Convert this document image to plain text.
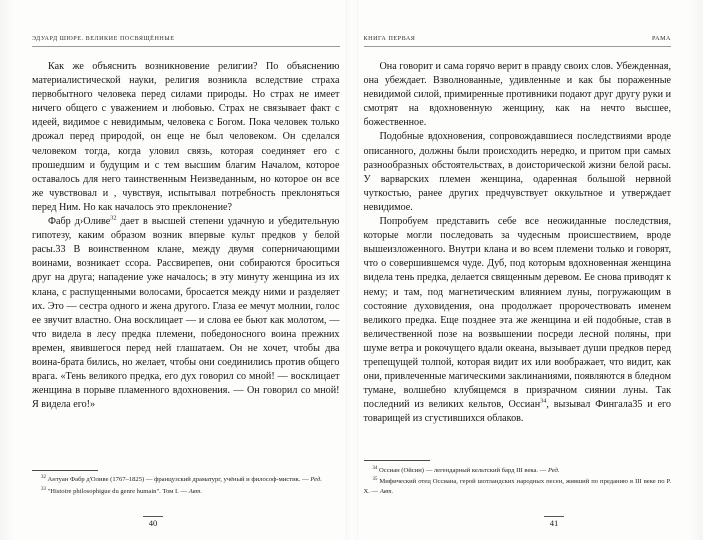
ЭДУАРД ШЮРЕ. ВЕЛИКИЕ ПОСВЯЩЁННЫЕ

Как же объяснить возникновение религии? По объяснению материалистической науки, религия возникла вследствие страха первобытного человека перед силами природы. Но страх не имеет ничего общего с уважением и любовью. Страх не связывает факт с идеей, видимое с невидимым, человека с Богом. Пока человек только дрожал перед природой, он еще не был человеком. Он сделался человеком тогда, когда уловил связь, которая соединяет его с прошедшим и будущим и с тем высшим благим Началом, которое оставалось для него таинственным Неизведанным, но которое он все же чувствовал и , чувствуя, испытывал потребность преклоняться перед Ним. Но как началось это преклонение?

Фабр д›Оливе$^{32}$ дает в высшей степени удачную и убедительную гипотезу, каким образом возник впервые культ предков у белой расы.33 В воинственном клане, между двумя соперничающими воинами, возникает ссора. Рассвирепев, они собираются броситься друг на друга; нападение уже началось; в эту минуту женщина из их клана, с распущенными волосами, бросается между ними и разделяет их. Это — сестра одного и жена другого. Глаза ее мечут молнии, голос ее звучит властно. Она восклицает — и слова ее бьют как молотом, — что видела в лесу предка племени, победоносного воина прежних времен, явившегося перед ней глашатаем. Он не хочет, чтобы два воина-брата бились, но желает, чтобы они соединились против общего врага. «Тень великого предка, его дух говорил со мной! — восклицает женщина в порыве пламенного вдохновения. — Он говорил со мной! Я видела его!»

$^{32}$ Антуан Фабр д'Оливе (1767–1825) — французский драматург, учёный и философ-мистик. — Ред.

$^{33}$ "Histoire philosophigue du genre humain". Том I. — Авт.

40
КНИГА ПЕРВАЯ	РАМА

Она говорит и сама горячо верит в правду своих слов. Убежденная, она убеждает. Взволнованные, удивленные и как бы пораженные невидимой силой, примиренные противники подают друг другу руки и смотрят на вдохновенную женщину, как на нечто высшее, божественное.

Подобные вдохновения, сопровождавшиеся последствиями вроде описанного, должны были происходить нередко, и притом при самых разнообразных обстоятельствах, в доисторической жизни белой расы. У варварских племен женщина, одаренная большой нервной чуткостью, ранее других предчувствует оккультное и утверждает невидимое.

Попробуем представить себе все неожиданные последствия, которые могли последовать за чудесным происшествием, вроде вышеизложенного. Внутри клана и во всем племени только и говорят, что о совершившемся чуде. Дуб, под которым вдохновенная женщина видела тень предка, делается священным деревом. Ее снова приводят к нему; и там, под магнетическим влиянием луны, погружающим в состояние духовидения, она продолжает пророчествовать именем великого предка. Еще позднее эта же женщина и ей подобные, став в величественной позе на возвышении посреди лесной поляны, при шуме ветра и рокочущего вдали океана, вызывает души предков перед трепещущей толпой, которая видит их или воображает, что видит, как они, привлеченные магическими заклинаниями, появляются в бледном тумане, волшебно клубящемся в призрачном сиянии луны. Так последний из великих кельтов, Оссиан$^{34}$, вызывал Фингала35 и его товарищей из сгустившихся облаков.

$^{34}$ Оссиан (Ойсин) — легендарный кельтский бард III века. — Ред.

$^{35}$ Мифический отец Оссиана, герой шотландских народных песен, живший по преданию в III веке по Р. Х. — Авт.

41
